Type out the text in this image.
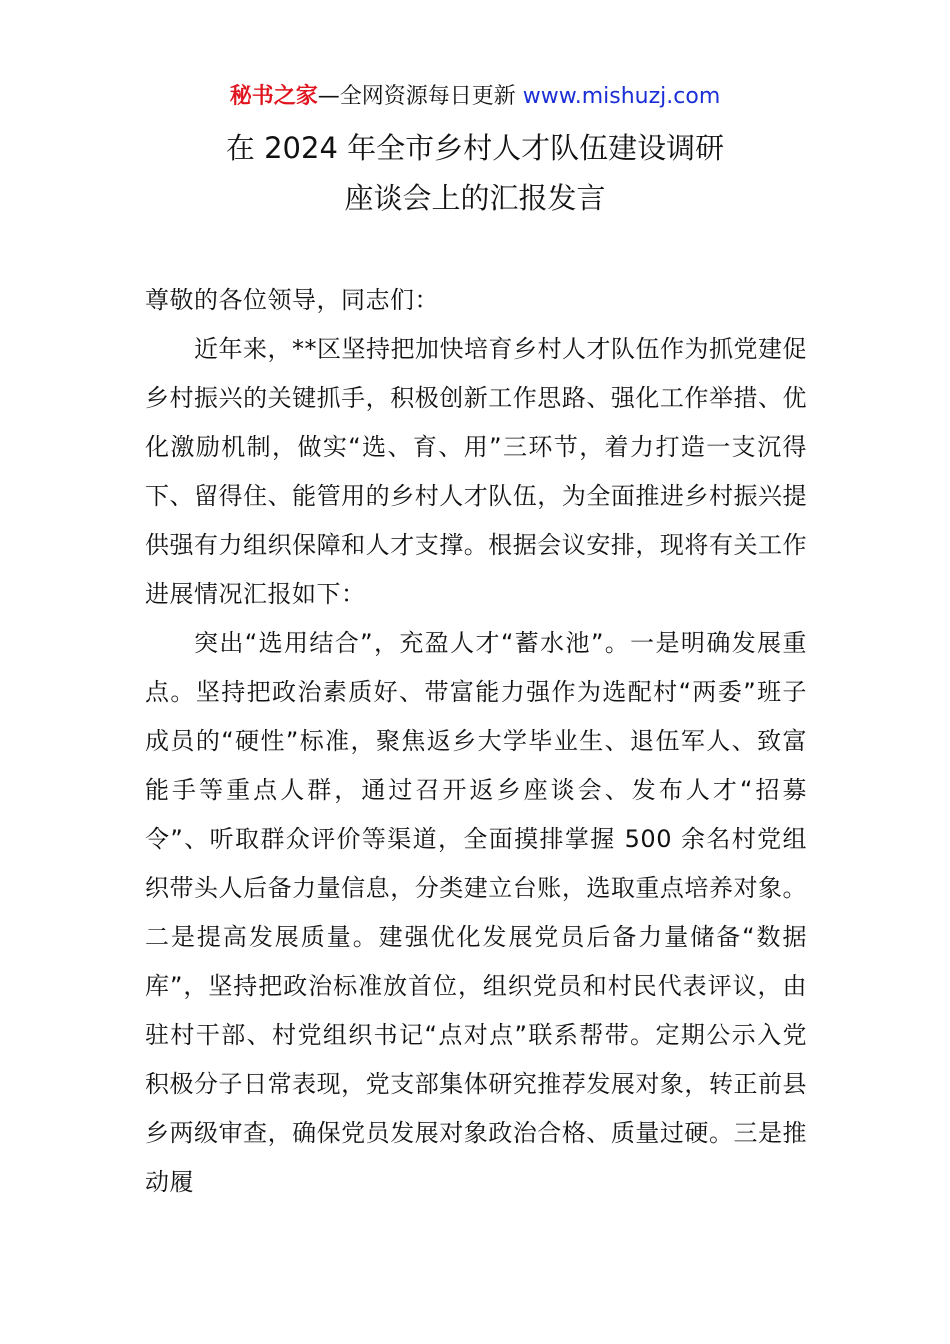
秘书之家—全网资源每日更新 www.mishuzj.com
在 2024 年全市乡村人才队伍建设调研
座谈会上的汇报发言

尊敬的各位领导，同志们：

近年来，**区坚持把加快培育乡村人才队伍作为抓党建促乡村振兴的关键抓手，积极创新工作思路、强化工作举措、优化激励机制，做实“选、育、用”三环节，着力打造一支沉得下、留得住、能管用的乡村人才队伍，为全面推进乡村振兴提供强有力组织保障和人才支撑。根据会议安排，现将有关工作进展情况汇报如下：

突出“选用结合”，充盈人才“蓄水池”。一是明确发展重点。坚持把政治素质好、带富能力强作为选配村“两委”班子成员的“硬性”标准，聚焦返乡大学毕业生、退伍军人、致富能手等重点人群，通过召开返乡座谈会、发布人才“招募令”、听取群众评价等渠道，全面摸排掌握 500 余名村党组织带头人后备力量信息，分类建立台账，选取重点培养对象。二是提高发展质量。建强优化发展党员后备力量储备“数据库”，坚持把政治标准放首位，组织党员和村民代表评议，由驻村干部、村党组织书记“点对点”联系帮带。定期公示入党积极分子日常表现，党支部集体研究推荐发展对象，转正前县乡两级审查，确保党员发展对象政治合格、质量过硬。三是推动履
